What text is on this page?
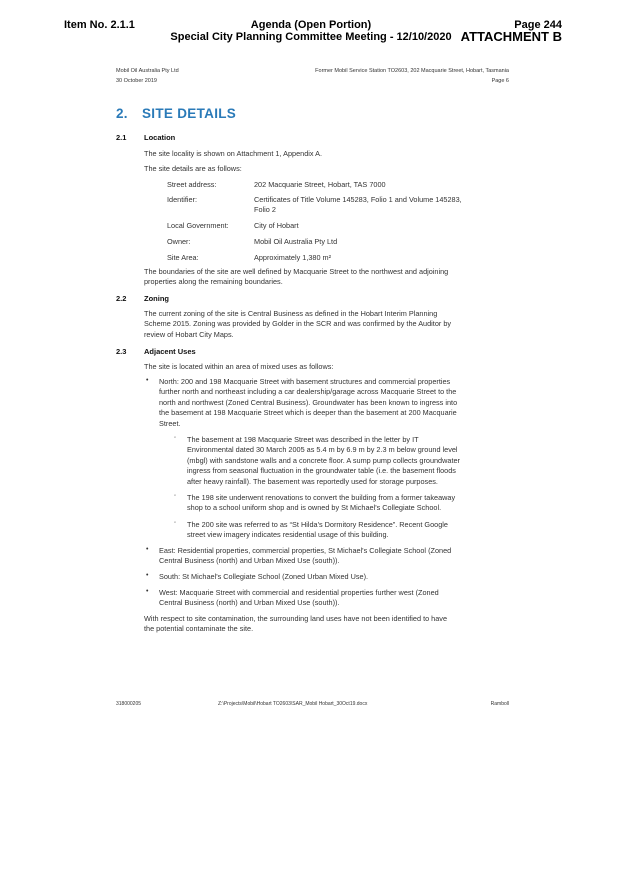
Item No. 2.1.1	Agenda (Open Portion)
Special City Planning Committee Meeting - 12/10/2020
Page 244
ATTACHMENT B
Mobil Oil Australia Pty Ltd
30 October 2019
Former Mobil Service Station TO2603, 202 Macquarie Street, Hobart, Tasmania
Page 6
2. SITE DETAILS
2.1 Location
The site locality is shown on Attachment 1, Appendix A.
The site details are as follows:
Street address:	202 Macquarie Street, Hobart, TAS 7000
Identifier:	Certificates of Title Volume 145283, Folio 1 and Volume 145283,
Folio 2
Local Government:	City of Hobart
Owner:	Mobil Oil Australia Pty Ltd
Site Area:	Approximately 1,380 m²
The boundaries of the site are well defined by Macquarie Street to the northwest and adjoining
properties along the remaining boundaries.
2.2 Zoning
The current zoning of the site is Central Business as defined in the Hobart Interim Planning
Scheme 2015. Zoning was provided by Golder in the SCR and was confirmed by the Auditor by
review of Hobart City Maps.
2.3 Adjacent Uses
The site is located within an area of mixed uses as follows:
• North: 200 and 198 Macquarie Street with basement structures and commercial properties
further north and northeast including a car dealership/garage across Macquarie Street to the
north and northwest (Zoned Central Business). Groundwater has been known to ingress into
the basement at 198 Macquarie Street which is deeper than the basement at 200 Macquarie
Street.
◦ The basement at 198 Macquarie Street was described in the letter by IT
Environmental dated 30 March 2005 as 5.4 m by 6.9 m by 2.3 m below ground level
(mbgl) with sandstone walls and a concrete floor. A sump pump collects groundwater
ingress from seasonal fluctuation in the groundwater table (i.e. the basement floods
after heavy rainfall). The basement was reportedly used for storage purposes.
◦ The 198 site underwent renovations to convert the building from a former takeaway
shop to a school uniform shop and is owned by St Michael's Collegiate School.
◦ The 200 site was referred to as “St Hilda's Dormitory Residence”. Recent Google
street view imagery indicates residential usage of this building.
• East: Residential properties, commercial properties, St Michael's Collegiate School (Zoned
Central Business (north) and Urban Mixed Use (south)).
• South: St Michael's Collegiate School (Zoned Urban Mixed Use).
• West: Macquarie Street with commercial and residential properties further west (Zoned
Central Business (north) and Urban Mixed Use (south)).
With respect to site contamination, the surrounding land uses have not been identified to have
the potential contaminate the site.
318000205	Z:\Projects\Mobil\Hobart TO2603\SAR_Mobil Hobart_30Oct19.docx	Ramboll
